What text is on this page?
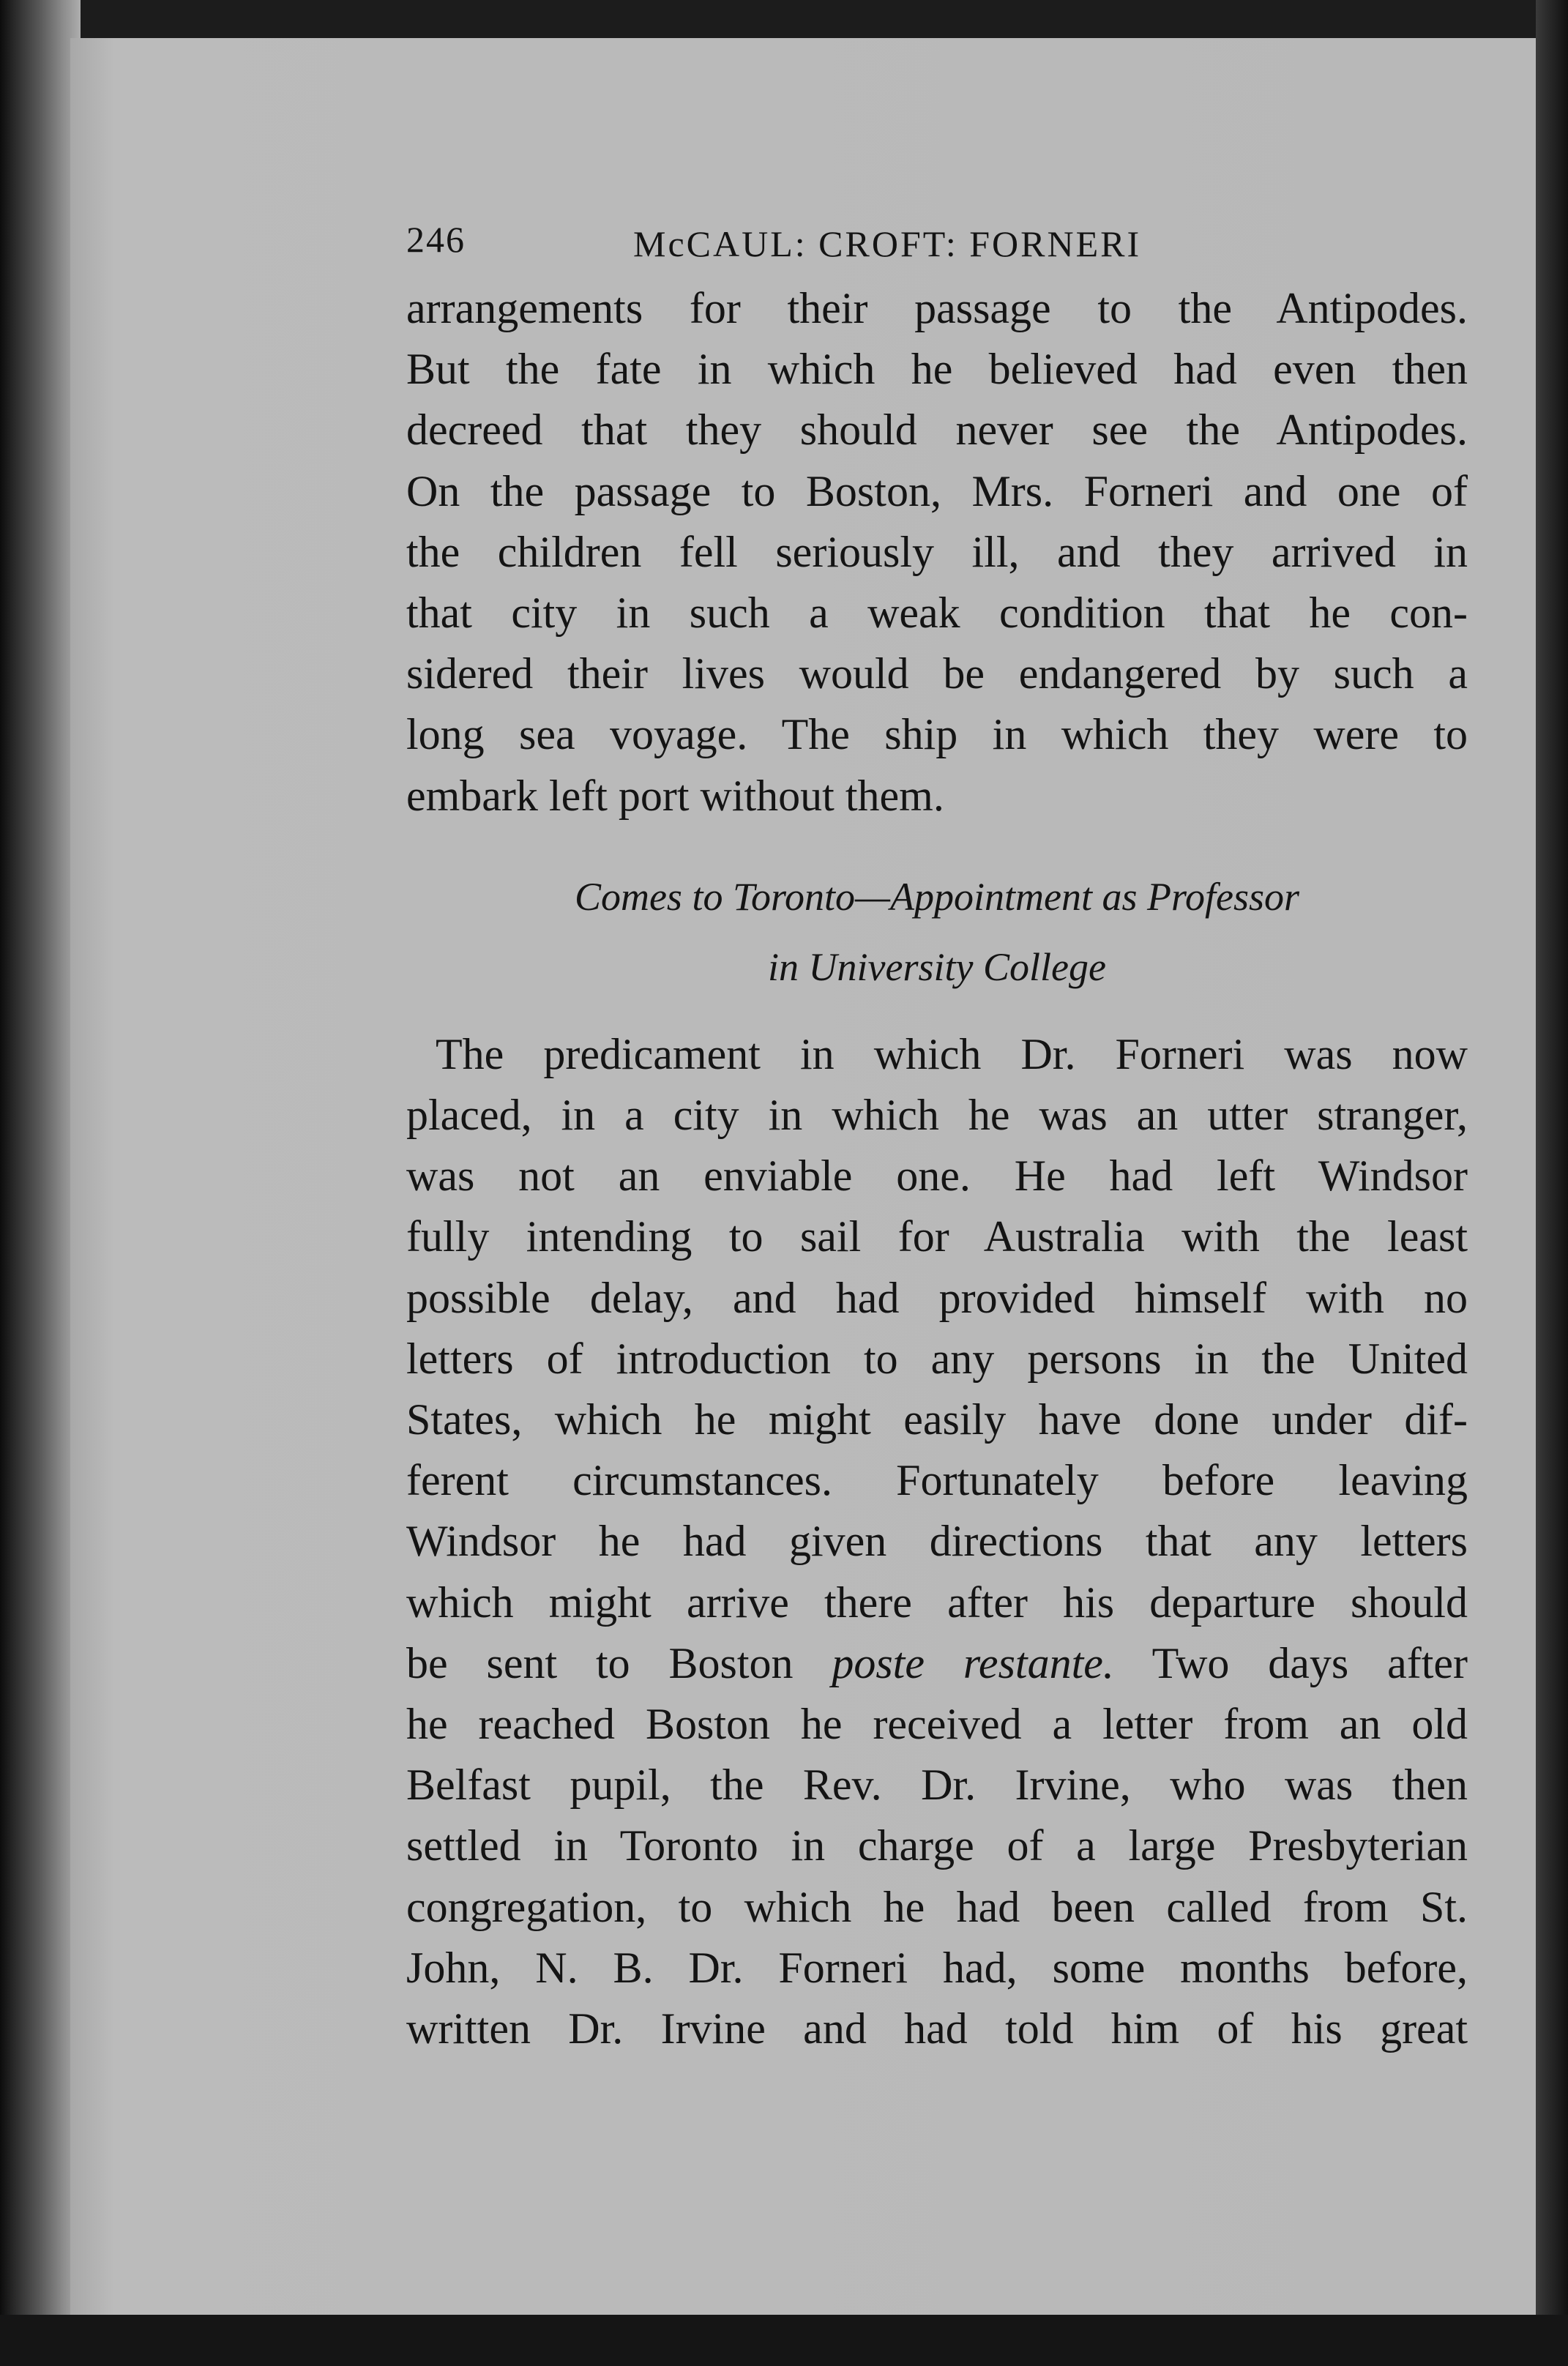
246	McCAUL: CROFT: FORNERI

arrangements for their passage to the Antipodes.
But the fate in which he believed had even then
decreed that they should never see the Antipodes.
On the passage to Boston, Mrs. Forneri and one of
the children fell seriously ill, and they arrived in
that city in such a weak condition that he con-
sidered their lives would be endangered by such a
long sea voyage. The ship in which they were to
embark left port without them.

Comes to Toronto—Appointment as Professor
in University College

The predicament in which Dr. Forneri was now
placed, in a city in which he was an utter stranger,
was not an enviable one. He had left Windsor
fully intending to sail for Australia with the least
possible delay, and had provided himself with no
letters of introduction to any persons in the United
States, which he might easily have done under dif-
ferent circumstances. Fortunately before leaving
Windsor he had given directions that any letters
which might arrive there after his departure should
be sent to Boston poste restante. Two days after
he reached Boston he received a letter from an old
Belfast pupil, the Rev. Dr. Irvine, who was then
settled in Toronto in charge of a large Presbyterian
congregation, to which he had been called from St.
John, N. B. Dr. Forneri had, some months before,
written Dr. Irvine and had told him of his great
